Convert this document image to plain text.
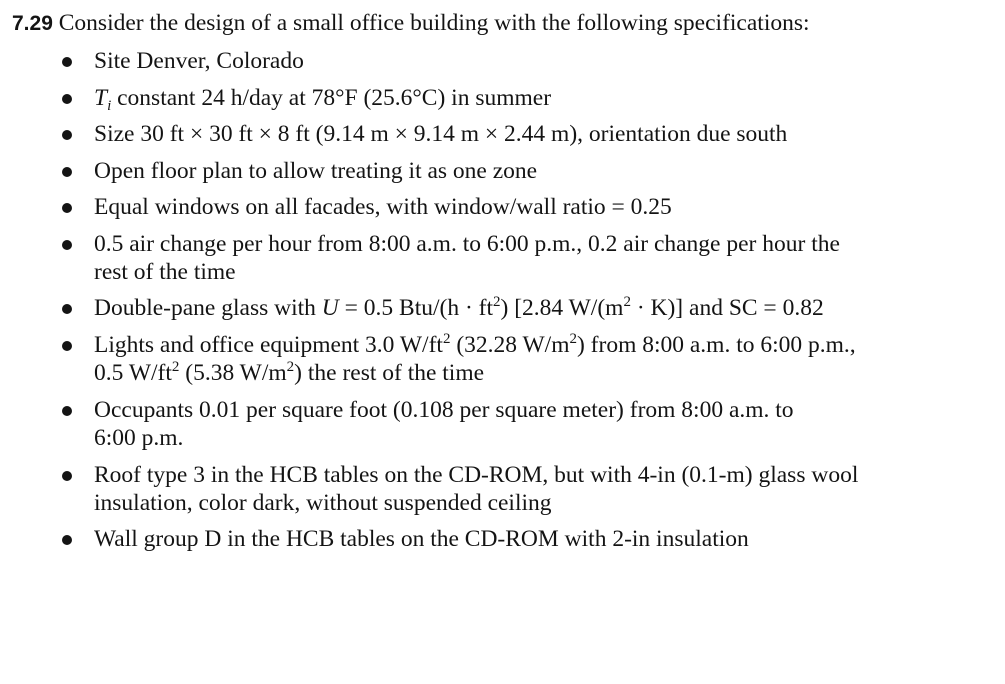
7.29 Consider the design of a small office building with the following specifications:
Site Denver, Colorado
$T_i$ constant 24 h/day at 78°F (25.6°C) in summer
Size 30 ft × 30 ft × 8 ft (9.14 m × 9.14 m × 2.44 m), orientation due south
Open floor plan to allow treating it as one zone
Equal windows on all facades, with window/wall ratio = 0.25
0.5 air change per hour from 8:00 a.m. to 6:00 p.m., 0.2 air change per hour the
rest of the time
Double-pane glass with U = 0.5 $Btu/(h \cdot ft^2)$ [2.84 $W/(m^2 \cdot K)$] and SC = 0.82
Lights and office equipment 3.0 $W/ft^2$ (32.28 $W/m^2$) from 8:00 a.m. to 6:00 p.m.,
0.5 $W/ft^2$ (5.38 $W/m^2$) the rest of the time
Occupants 0.01 per square foot (0.108 per square meter) from 8:00 a.m. to
6:00 p.m.
Roof type 3 in the HCB tables on the CD-ROM, but with 4-in (0.1-m) glass wool
insulation, color dark, without suspended ceiling
Wall group D in the HCB tables on the CD-ROM with 2-in insulation
